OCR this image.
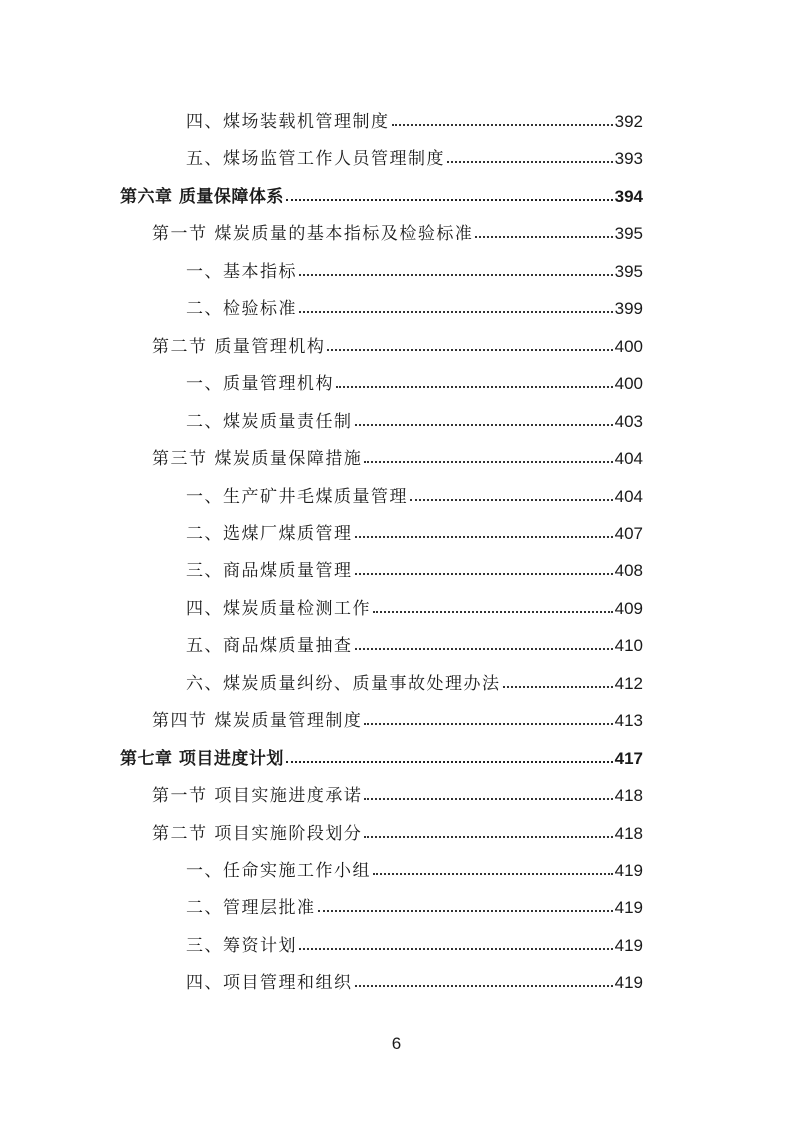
四、煤场装载机管理制度	392
五、煤场监管工作人员管理制度	393
第六章 质量保障体系	394
第一节 煤炭质量的基本指标及检验标准	395
一、基本指标	395
二、检验标准	399
第二节 质量管理机构	400
一、质量管理机构	400
二、煤炭质量责任制	403
第三节 煤炭质量保障措施	404
一、生产矿井毛煤质量管理	404
二、选煤厂煤质管理	407
三、商品煤质量管理	408
四、煤炭质量检测工作	409
五、商品煤质量抽查	410
六、煤炭质量纠纷、质量事故处理办法	412
第四节 煤炭质量管理制度	413
第七章 项目进度计划	417
第一节 项目实施进度承诺	418
第二节 项目实施阶段划分	418
一、任命实施工作小组	419
二、管理层批准	419
三、筹资计划	419
四、项目管理和组织	419
6
